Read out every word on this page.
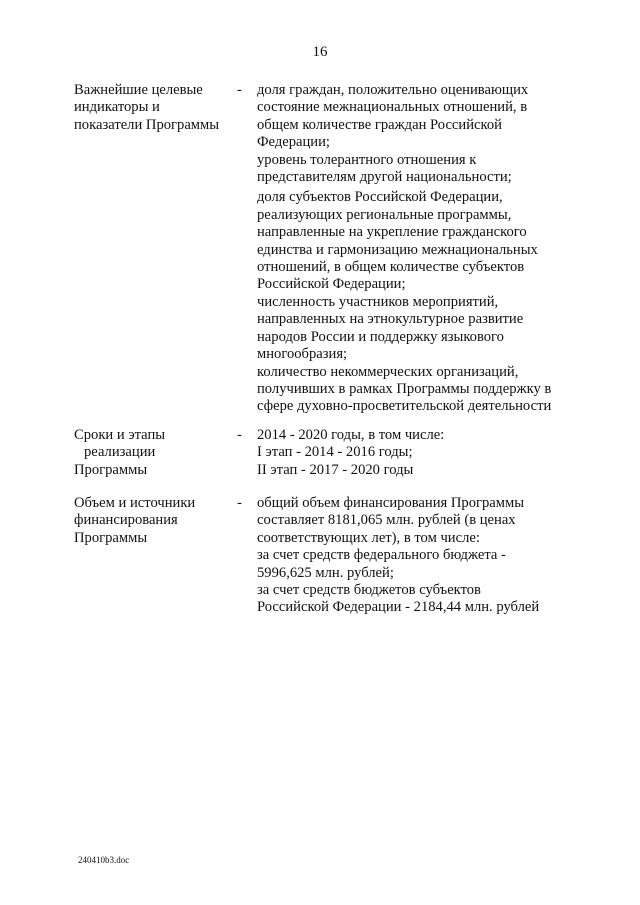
16
Важнейшие целевые
индикаторы и
показатели Программы
- доля граждан, положительно оценивающих
состояние межнациональных отношений, в
общем количестве граждан Российской
Федерации;
уровень толерантного отношения к
представителям другой национальности;
доля субъектов Российской Федерации,
реализующих региональные программы,
направленные на укрепление гражданского
единства и гармонизацию межнациональных
отношений, в общем количестве субъектов
Российской Федерации;
численность участников мероприятий,
направленных на этнокультурное развитие
народов России и поддержку языкового
многообразия;
количество некоммерческих организаций,
получивших в рамках Программы поддержку в
сфере духовно-просветительской деятельности
Сроки и этапы
реализации
Программы
- 2014 - 2020 годы, в том числе:
I этап - 2014 - 2016 годы;
II этап - 2017 - 2020 годы
Объем и источники
финансирования
Программы
- общий объем финансирования Программы
составляет 8181,065 млн. рублей (в ценах
соответствующих лет), в том числе:
за счет средств федерального бюджета -
5996,625 млн. рублей;
за счет средств бюджетов субъектов
Российской Федерации - 2184,44 млн. рублей
240410b3.doc
